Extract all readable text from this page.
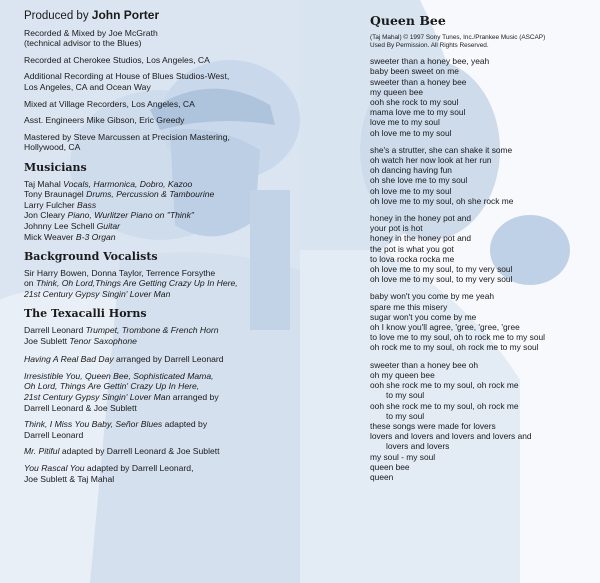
Produced by John Porter
Recorded & Mixed by Joe McGrath
(technical advisor to the Blues)
Recorded at Cherokee Studios, Los Angeles, CA
Additional Recording at House of Blues Studios-West,
Los Angeles, CA and Ocean Way
Mixed at Village Recorders, Los Angeles, CA
Asst. Engineers Mike Gibson, Eric Greedy
Mastered by Steve Marcussen at Precision Mastering,
Hollywood, CA
Musicians
Taj Mahal Vocals, Harmonica, Dobro, Kazoo
Tony Braunagel Drums, Percussion & Tambourine
Larry Fulcher Bass
Jon Cleary Piano, Wurlitzer Piano on "Think"
Johnny Lee Schell Guitar
Mick Weaver B-3 Organ
Background Vocalists
Sir Harry Bowen, Donna Taylor, Terrence Forsythe
on Think, Oh Lord,Things Are Getting Crazy Up In Here,
21st Century Gypsy Singin' Lover Man
The Texacalli Horns
Darrell Leonard Trumpet, Trombone & French Horn
Joe Sublett Tenor Saxophone
Having A Real Bad Day arranged by Darrell Leonard
Irresistible You, Queen Bee, Sophisticated Mama,
Oh Lord, Things Are Gettin' Crazy Up In Here,
21st Century Gypsy Singin' Lover Man arranged by
Darrell Leonard & Joe Sublett
Think, I Miss You Baby, Señor Blues adapted by
Darrell Leonard
Mr. Pitiful adapted by Darrell Leonard & Joe Sublett
You Rascal You adapted by Darrell Leonard,
Joe Sublett & Taj Mahal
Queen Bee
(Taj Mahal) © 1997 Sony Tunes, Inc./Prankee Music (ASCAP)
Used By Permission. All Rights Reserved.
sweeter than a honey bee, yeah
baby been sweet on me
sweeter than a honey bee
my queen bee
ooh she rock to my soul
mama love me to my soul
love me to my soul
oh love me to my soul
she's a strutter, she can shake it some
oh watch her now look at her run
oh dancing having fun
oh she love me to my soul
oh love me to my soul
oh love me to my soul, oh she rock me
honey in the honey pot and
your pot is hot
honey in the honey pot and
the pot is what you got
to lova rocka rocka me
oh love me to my soul, to my very soul
oh love me to my soul, to my very soul
baby won't you come by me yeah
spare me this misery
sugar won't you come by me
oh I know you'll agree, 'gree, 'gree, 'gree
to love me to my soul, oh to rock me to my soul
oh rock me to my soul, oh rock me to my soul
sweeter than a honey bee oh
oh my queen bee
ooh she rock me to my soul, oh rock me
to my soul
ooh she rock me to my soul, oh rock me
to my soul
these songs were made for lovers
lovers and lovers and lovers and lovers and
lovers and lovers
my soul - my soul
queen bee
queen
